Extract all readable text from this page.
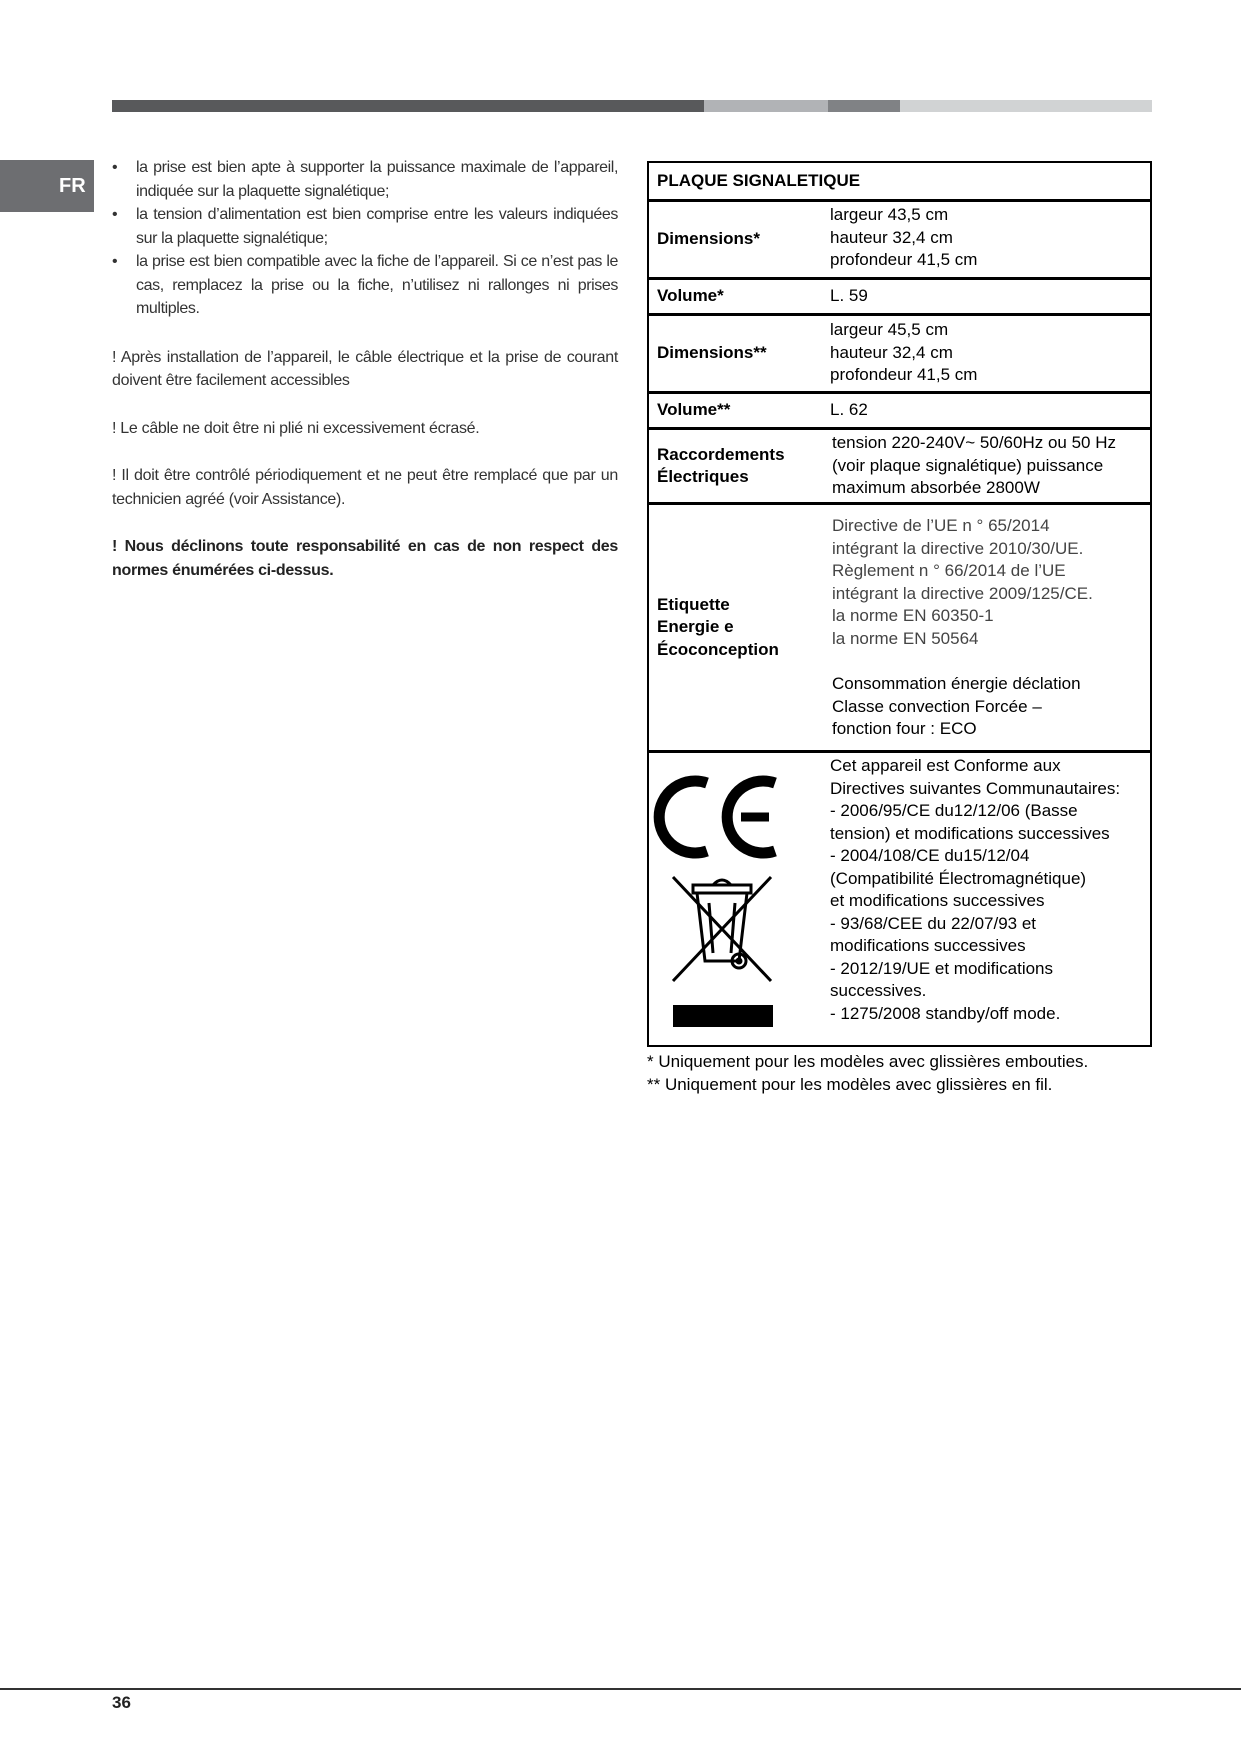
FR
• la prise est bien apte à supporter la puissance maximale de l’appareil, indiquée sur la plaquette signalétique;
• la tension d’alimentation est bien comprise entre les valeurs indiquées sur la plaquette signalétique;
• la prise est bien compatible avec la fiche de l’appareil. Si ce n’est pas le cas, remplacez la prise ou la fiche, n’utilisez ni rallonges ni prises multiples.

! Après installation de l’appareil, le câble électrique et la prise de courant doivent être facilement accessibles

! Le câble ne doit être ni plié ni excessivement écrasé.

! Il doit être contrôlé périodiquement et ne peut être remplacé que par un technicien agréé (voir Assistance).

! Nous déclinons toute responsabilité en cas de non respect des normes énumérées ci-dessus.

PLAQUE SIGNALETIQUE
Dimensions*
largeur 43,5 cm
hauteur 32,4 cm
profondeur 41,5 cm
Volume*	L. 59
Dimensions**
largeur 45,5 cm
hauteur 32,4 cm
profondeur 41,5 cm
Volume**	L. 62
Raccordements
Électriques
tension 220-240V~ 50/60Hz ou 50 Hz
(voir plaque signalétique) puissance
maximum absorbée 2800W
Etiquette
Energie e
Écoconception
Directive de l’UE n ° 65/2014
intégrant la directive 2010/30/UE.
Règlement n ° 66/2014 de l’UE
intégrant la directive 2009/125/CE.
la norme EN 60350-1
la norme EN 50564
Consommation énergie déclation
Classe convection Forcée –
fonction four : ECO
Cet appareil est Conforme aux
Directives suivantes Communautaires:
- 2006/95/CE du12/12/06 (Basse
tension) et modifications successives
- 2004/108/CE du15/12/04
(Compatibilité Électromagnétique)
et modifications successives
- 93/68/CEE du 22/07/93 et
modifications successives
- 2012/19/UE et modifications
successives.
- 1275/2008 standby/off mode.
* Uniquement pour les modèles avec glissières embouties.
** Uniquement pour les modèles avec glissières en fil.
36
